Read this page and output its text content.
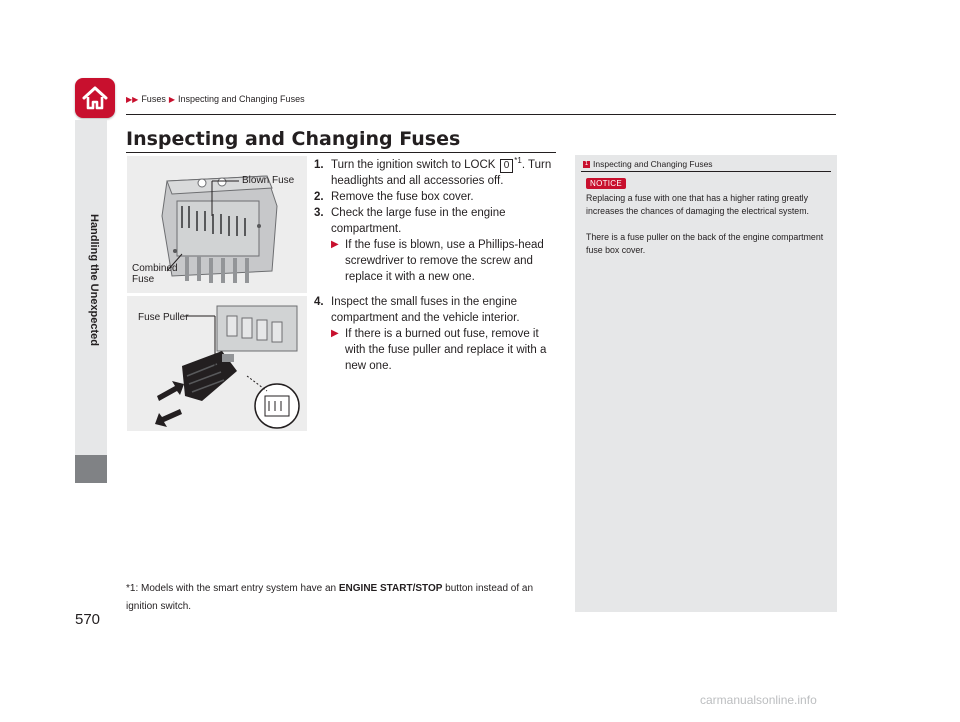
▶▶ Fuses ▶ Inspecting and Changing Fuses
Handling the Unexpected
570
Inspecting and Changing Fuses
Blown Fuse
Combined
Fuse
Fuse Puller
1. Turn the ignition switch to LOCK 0 $^{*1}$. Turn headlights and all accessories off.
2. Remove the fuse box cover.
3. Check the large fuse in the engine compartment.
▶ If the fuse is blown, use a Phillips-head screwdriver to remove the screw and replace it with a new one.
4. Inspect the small fuses in the engine compartment and the vehicle interior.
▶ If there is a burned out fuse, remove it with the fuse puller and replace it with a new one.
*1: Models with the smart entry system have an ENGINE START/STOP button instead of an ignition switch.
1 Inspecting and Changing Fuses
NOTICE

Replacing a fuse with one that has a higher rating greatly increases the chances of damaging the electrical system.

There is a fuse puller on the back of the engine compartment fuse box cover.

carmanualsonline.info
